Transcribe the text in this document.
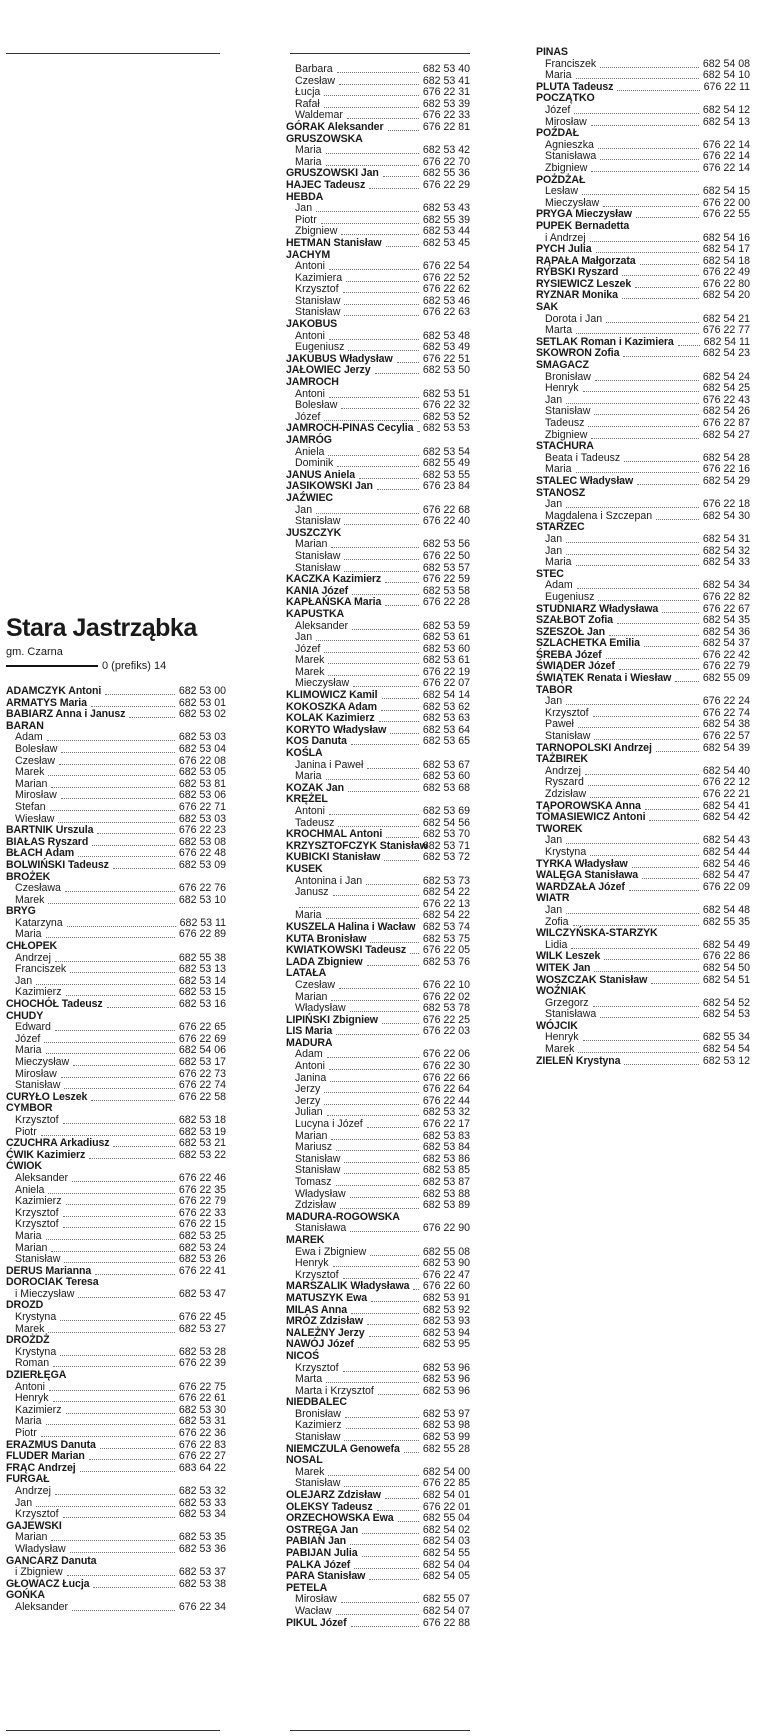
Stara Jastrząbka
gm. Czarna
0 (prefiks) 14
ADAMCZYK Antoni	682 53 00
ARMATYS Maria	682 53 01
BABIARZ Anna i Janusz	682 53 02
BARAN
Adam	682 53 03
Bolesław	682 53 04
Czesław	676 22 08
Marek	682 53 05
Marian	682 53 81
Mirosław	682 53 06
Stefan	676 22 71
Wiesław	682 53 03
BARTNIK Urszula	676 22 23
BIAŁAS Ryszard	682 53 08
BŁACH Adam	676 22 48
BOLWIŃSKI Tadeusz	682 53 09
BROŻEK
Czesława	676 22 76
Marek	682 53 10
BRYG
Katarzyna	682 53 11
Maria	676 22 89
CHŁOPEK
Andrzej	682 55 38
Franciszek	682 53 13
Jan	682 53 14
Kazimierz	682 53 15
CHOCHÓŁ Tadeusz	682 53 16
CHUDY
Edward	676 22 65
Józef	676 22 69
Maria	682 54 06
Mieczysław	682 53 17
Mirosław	676 22 73
Stanisław	676 22 74
CURYŁO Leszek	676 22 58
CYMBOR
Krzysztof	682 53 18
Piotr	682 53 19
CZUCHRA Arkadiusz	682 53 21
ĆWIK Kazimierz	682 53 22
ĆWIOK
Aleksander	676 22 46
Aniela	676 22 35
Kazimierz	676 22 79
Krzysztof	676 22 33
Krzysztof	676 22 15
Maria	682 53 25
Marian	682 53 24
Stanisław	682 53 26
DERUS Marianna	676 22 41
DOROCIAK Teresa
i Mieczysław	682 53 47
DROZD
Krystyna	676 22 45
Marek	682 53 27
DROŻDŻ
Krystyna	682 53 28
Roman	676 22 39
DZIERŁĘGA
Antoni	676 22 75
Henryk	676 22 61
Kazimierz	682 53 30
Maria	682 53 31
Piotr	676 22 36
ERAZMUS Danuta	676 22 83
FLUDER Marian	676 22 27
FRĄC Andrzej	683 64 22
FURGAŁ
Andrzej	682 53 32
Jan	682 53 33
Krzysztof	682 53 34
GAJEWSKI
Marian	682 53 35
Władysław	682 53 36
GANCARZ Danuta
i Zbigniew	682 53 37
GŁOWACZ Łucja	682 53 38
GOŃKA
Aleksander	676 22 34
Barbara	682 53 40
Czesław	682 53 41
Łucja	676 22 31
Rafał	682 53 39
Waldemar	676 22 33
GÓRAK Aleksander	676 22 81
GRUSZOWSKA
Maria	682 53 42
Maria	676 22 70
GRUSZOWSKI Jan	682 55 36
HAJEC Tadeusz	676 22 29
HEBDA
Jan	682 53 43
Piotr	682 55 39
Zbigniew	682 53 44
HETMAN Stanisław	682 53 45
JACHYM
Antoni	676 22 54
Kazimiera	676 22 52
Krzysztof	676 22 62
Stanisław	682 53 46
Stanisław	676 22 63
JAKOBUS
Antoni	682 53 48
Eugeniusz	682 53 49
JAKUBUS Władysław	676 22 51
JAŁOWIEC Jerzy	682 53 50
JAMROCH
Antoni	682 53 51
Bolesław	676 22 32
Józef	682 53 52
JAMROCH-PINAS Cecylia 682 53 53
JAMRÓG
Aniela	682 53 54
Dominik	682 55 49
JANUS Aniela	682 53 55
JASIKOWSKI Jan	676 23 84
JAŹWIEC
Jan	676 22 68
Stanisław	676 22 40
JUSZCZYK
Marian	682 53 56
Stanisław	676 22 50
Stanisław	682 53 57
KACZKA Kazimierz	676 22 59
KANIA Józef	682 53 58
KAPŁAŃSKA Maria	676 22 28
KAPUSTKA
Aleksander	682 53 59
Jan	682 53 61
Józef	682 53 60
Marek	682 53 61
Marek	676 22 19
Mieczysław	676 22 07
KLIMOWICZ Kamil	682 54 14
KOKOSZKA Adam	682 53 62
KOLAK Kazimierz	682 53 63
KORYTO Władysław	682 53 64
KOS Danuta	682 53 65
KOŚLA
Janina i Paweł	682 53 67
Maria	682 53 60
KOZAK Jan	682 53 68
KRĘŻEL
Antoni	682 53 69
Tadeusz	682 54 56
KROCHMAL Antoni	682 53 70
KRZYSZTOFCZYK Stanisław
682 53 71
KUBICKI Stanisław	682 53 72
KUSEK
Antonina i Jan	682 53 73
Janusz	682 54 22
676 22 13
Maria	682 54 22
KUSZELA Halina i Wacław 682 53 74
KUTA Bronisław	682 53 75
KWIATKOWSKI Tadeusz 676 22 05
LADA Zbigniew	682 53 76
LATAŁA
Czesław	676 22 10
Marian	676 22 02
Władysław	682 53 78
LIPIŃSKI Zbigniew	676 22 25
LIS Maria	676 22 03
MADURA
Adam	676 22 06
Antoni	676 22 30
Janina	676 22 66
Jerzy	676 22 64
Jerzy	676 22 44
Julian	682 53 32
Lucyna i Józef	676 22 17
Marian	682 53 83
Mariusz	682 53 84
Stanisław	682 53 86
Stanisław	682 53 85
Tomasz	682 53 87
Władysław	682 53 88
Zdzisław	682 53 89
MADURA-ROGOWSKA
Stanisława	676 22 90
MAREK
Ewa i Zbigniew	682 55 08
Henryk	682 53 90
Krzysztof	676 22 47
MARSZALIK Władysława 676 22 60
MATUSZYK Ewa	682 53 91
MILAS Anna	682 53 92
MRÓZ Zdzisław	682 53 93
NALEŻNY Jerzy	682 53 94
NAWÓJ Józef	682 53 95
NICOŚ
Krzysztof	682 53 96
Marta	682 53 96
Marta i Krzysztof	682 53 96
NIEDBALEC
Bronisław	682 53 97
Kazimierz	682 53 98
Stanisław	682 53 99
NIEMCZULA Genowefa 682 55 28
NOSAL
Marek	682 54 00
Stanisław	676 22 85
OLEJARZ Zdzisław	682 54 01
OLEKSY Tadeusz	676 22 01
ORZECHOWSKA Ewa	682 55 04
OSTRĘGA Jan	682 54 02
PABIAN Jan	682 54 03
PABIJAN Julia	682 54 55
PALKA Józef	682 54 04
PARA Stanisław	682 54 05
PETELA
Mirosław	682 55 07
Wacław	682 54 07
PIKUL Józef	676 22 88
PINAS
Franciszek	682 54 08
Maria	682 54 10
PLUTA Tadeusz	676 22 11
POCZĄTKO
Józef	682 54 12
Mirosław	682 54 13
POŹDAŁ
Agnieszka	676 22 14
Stanisława	676 22 14
Zbigniew	676 22 14
POŻDŻAŁ
Lesław	682 54 15
Mieczysław	676 22 00
PRYGA Mieczysław	676 22 55
PUPEK Bernadetta
i Andrzej	682 54 16
PYCH Julia	682 54 17
RĄPAŁA Małgorzata	682 54 18
RYBSKI Ryszard	676 22 49
RYSIEWICZ Leszek	676 22 80
RYZNAR Monika	682 54 20
SAK
Dorota i Jan	682 54 21
Marta	676 22 77
SETLAK Roman i Kazimiera	682 54 11
SKOWRON Zofia	682 54 23
SMAGACZ
Bronisław	682 54 24
Henryk	682 54 25
Jan	676 22 43
Stanisław	682 54 26
Tadeusz	676 22 87
Zbigniew	682 54 27
STACHURA
Beata i Tadeusz	682 54 28
Maria	676 22 16
STALEC Władysław	682 54 29
STANOSZ
Jan	676 22 18
Magdalena i Szczepan	682 54 30
STARZEC
Jan	682 54 31
Jan	682 54 32
Maria	682 54 33
STEC
Adam	682 54 34
Eugeniusz	676 22 82
STUDNIARZ Władysława	676 22 67
SZAŁBOT Zofia	682 54 35
SZESZOŁ Jan	682 54 36
SZLACHETKA Emilia	682 54 37
ŚREBA Józef	676 22 42
ŚWIĄDER Józef	676 22 79
ŚWIĄTEK Renata i Wiesław	682 55 09
TABOR
Jan	676 22 24
Krzysztof	676 22 74
Paweł	682 54 38
Stanisław	676 22 57
TARNOPOLSKI Andrzej	682 54 39
TAŻBIREK
Andrzej	682 54 40
Ryszard	676 22 12
Zdzisław	676 22 21
TĄPOROWSKA Anna	682 54 41
TOMASIEWICZ Antoni	682 54 42
TWOREK
Jan	682 54 43
Krystyna	682 54 44
TYRKA Władysław	682 54 46
WALĘGA Stanisława	682 54 47
WARDZAŁA Józef	676 22 09
WIATR
Jan	682 54 48
Zofia	682 55 35
WILCZYŃSKA-STARZYK
Lidia	682 54 49
WILK Leszek	676 22 86
WITEK Jan	682 54 50
WOSZCZAK Stanisław	682 54 51
WOŹNIAK
Grzegorz	682 54 52
Stanisława	682 54 53
WÓJCIK
Henryk	682 55 34
Marek	682 54 54
ZIELEŃ Krystyna	682 53 12
